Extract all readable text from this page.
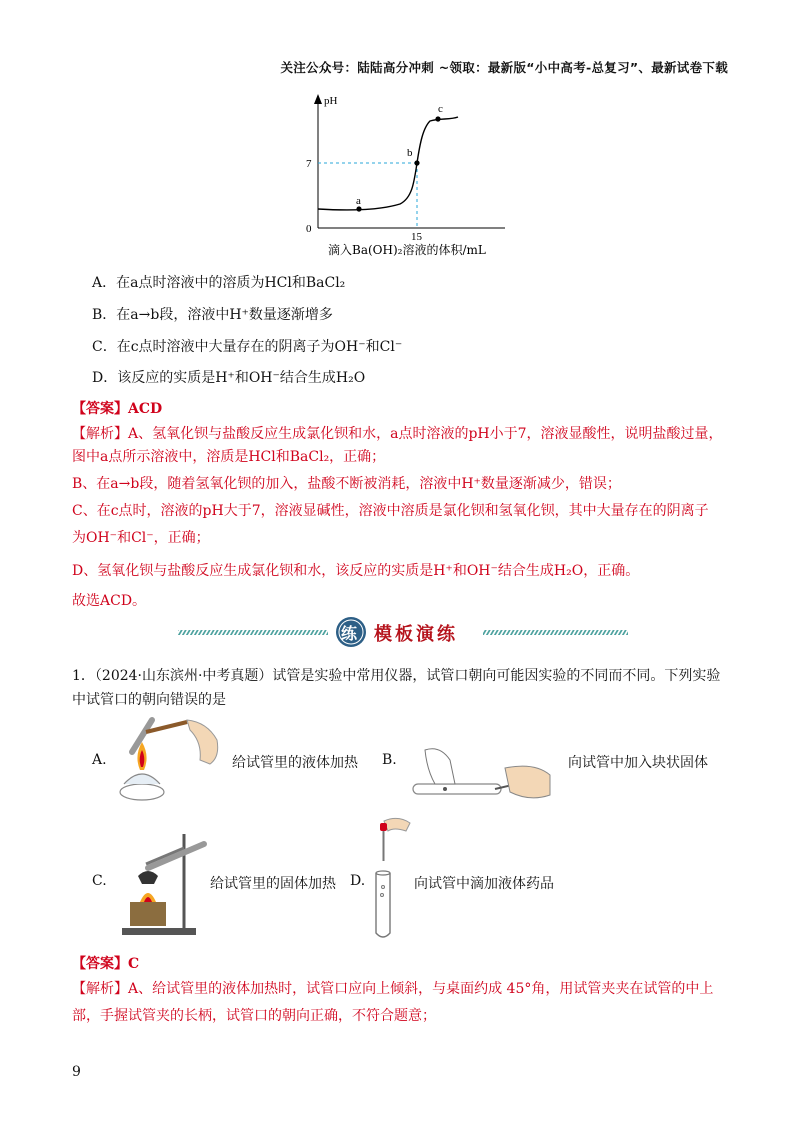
关注公众号：陆陆高分冲刺 ~领取：最新版“小中高考-总复习”、最新试卷下载
pH
7
0
15
a
b
c
滴入Ba(OH)₂溶液的体积/mL
A．在a点时溶液中的溶质为HCl和BaCl₂
B．在a→b段，溶液中H⁺数量逐渐增多
C．在c点时溶液中大量存在的阴离子为OH⁻和Cl⁻
D．该反应的实质是H⁺和OH⁻结合生成H₂O
【答案】ACD
【解析】A、氢氧化钡与盐酸反应生成氯化钡和水，a点时溶液的pH小于7，溶液显酸性，说明盐酸过量，
图中a点所示溶液中，溶质是HCl和BaCl₂，正确；
B、在a→b段，随着氢氧化钡的加入，盐酸不断被消耗，溶液中H⁺数量逐渐减少，错误；
C、在c点时，溶液的pH大于7，溶液显碱性，溶液中溶质是氯化钡和氢氧化钡，其中大量存在的阴离子
为OH⁻和Cl⁻，正确；
D、氢氧化钡与盐酸反应生成氯化钡和水，该反应的实质是H⁺和OH⁻结合生成H₂O，正确。
故选ACD。
练 模板演练
1．（2024·山东滨州·中考真题）试管是实验中常用仪器，试管口朝向可能因实验的不同而不同。下列实验
中试管口的朝向错误的是
A.	给试管里的液体加热 B.	向试管中加入块状固体
C.	给试管里的固体加热 D.	向试管中滴加液体药品
【答案】C
【解析】A、给试管里的液体加热时，试管口应向上倾斜，与桌面约成 45°角，用试管夹夹在试管的中上
部，手握试管夹的长柄，试管口的朝向正确，不符合题意；
9
